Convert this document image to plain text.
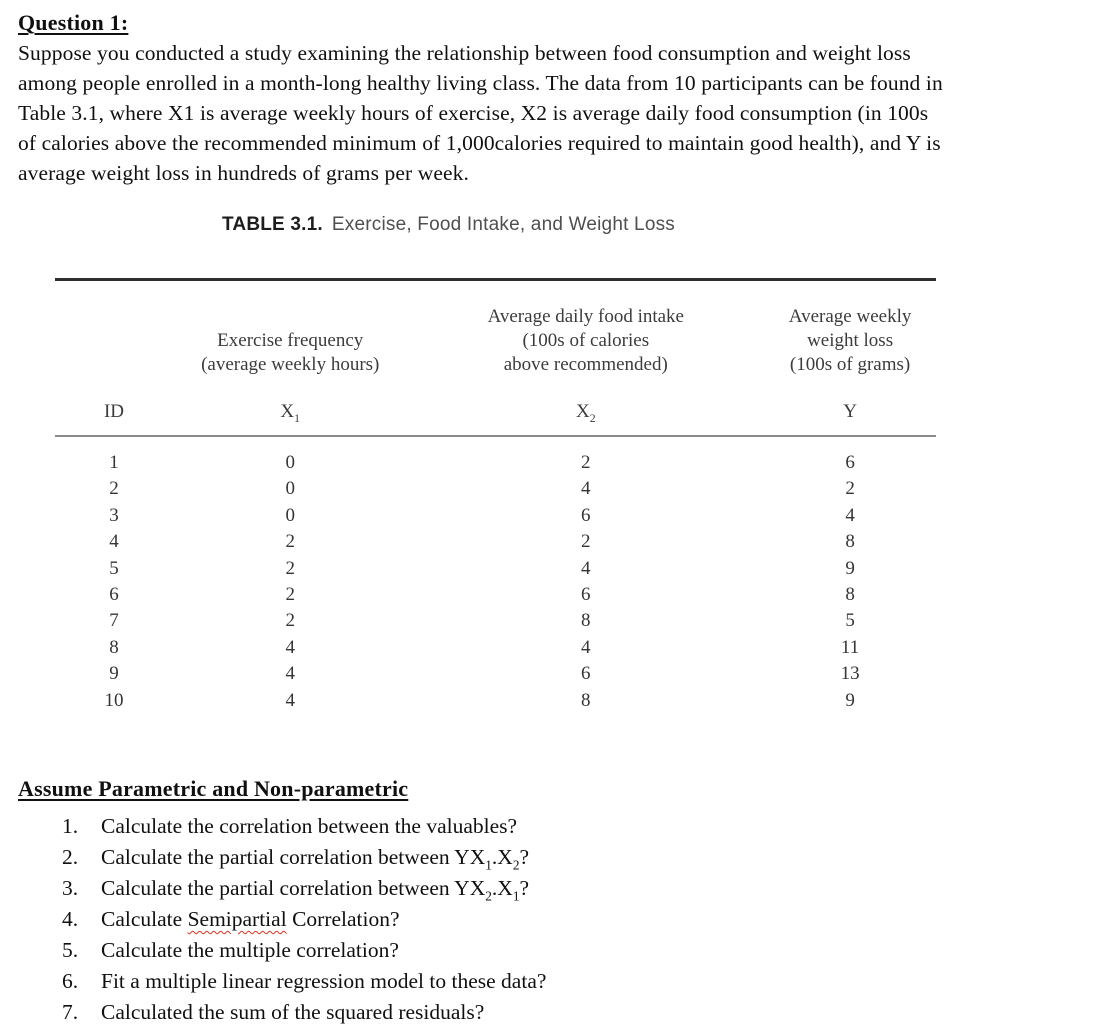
Question 1:
Suppose you conducted a study examining the relationship between food consumption and weight loss
among people enrolled in a month-long healthy living class. The data from 10 participants can be found in
Table 3.1, where X1 is average weekly hours of exercise, X2 is average daily food consumption (in 100s
of calories above the recommended minimum of 1,000calories required to maintain good health), and Y is
average weight loss in hundreds of grams per week.
TABLE 3.1. Exercise, Food Intake, and Weight Loss
Exercise frequency
(average weekly hours)
Average daily food intake
(100s of calories
above recommended)
Average weekly
weight loss
(100s of grams)
ID	$X_1$	$X_2$	Y
1	0	2	6
2	0	4	2
3	0	6	4
4	2	2	8
5	2	4	9
6	2	6	8
7	2	8	5
8	4	4	11
9	4	6	13
10	4	8	9
Assume Parametric and Non-parametric
1.	Calculate the correlation between the valuables?
2.	Calculate the partial correlation between $YX_1.X_2$?
3.	Calculate the partial correlation between $YX_2.X_1$?
4.	Calculate Semipartial Correlation?
5.	Calculate the multiple correlation?
6.	Fit a multiple linear regression model to these data?
7.	Calculated the sum of the squared residuals?
